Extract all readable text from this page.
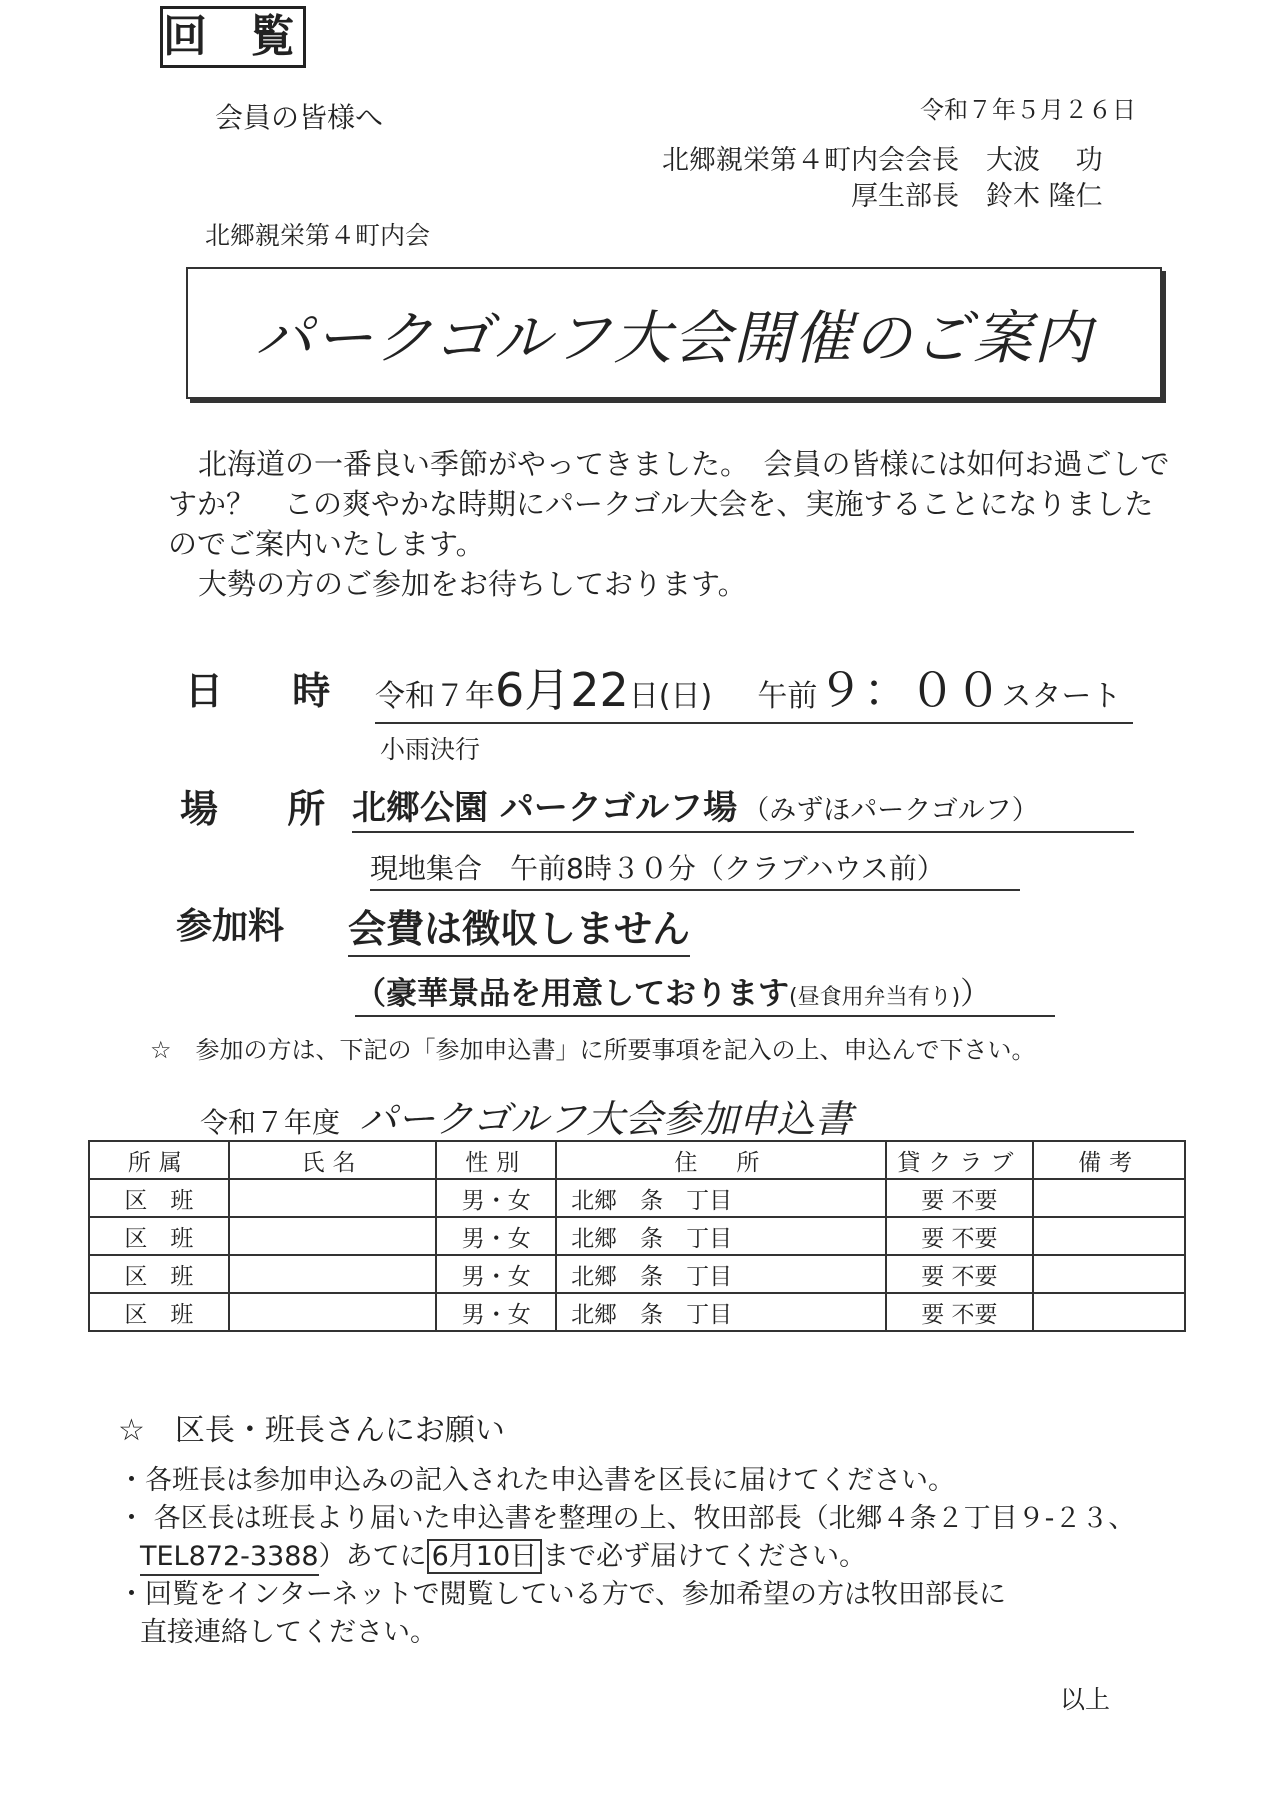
回 覧
会員の皆様へ	令和７年５月２６日
北郷親栄第４町内会会長　大波　 功
厚生部長　鈴木 隆仁
北郷親栄第４町内会
パークゴルフ大会開催のご案内

北海道の一番良い季節がやってきました。　会員の皆様には如何お過ごしですか？　この爽やかな時期にパークゴル大会を、実施することになりましたのでご案内いたします。

大勢の方のご参加をお待ちしております。

日 時 令和７年6月22日(日) 午前９：００スタート
小雨決行
場 所
北郷公園 パークゴルフ場 （みずほパークゴルフ）
現地集合　午前8時３０分（クラブハウス前）
参加料 会費は徴収しません
（豪華景品を用意しております(昼食用弁当有り)）
☆　参加の方は、下記の「参加申込書」に所要事項を記入の上、申込んで下さい。
令和７年度 パークゴルフ大会参加申込書
所属	氏名	性別	住　所	貸クラブ	備考
区　班		男・女	北郷　条　丁目	要 不要	
区　班		男・女	北郷　条　丁目	要 不要	
区　班		男・女	北郷　条　丁目	要 不要	
区　班		男・女	北郷　条　丁目	要 不要	
☆　区長・班長さんにお願い
・各班長は参加申込みの記入された申込書を区長に届けてください。
・ 各区長は班長より届いた申込書を整理の上、牧田部長（北郷４条２丁目９-２３、
TEL872-3388）あてに 6月10日 まで必ず届けてください。
・回覧をインターネットで閲覧している方で、参加希望の方は牧田部長に
直接連絡してください。
以上
